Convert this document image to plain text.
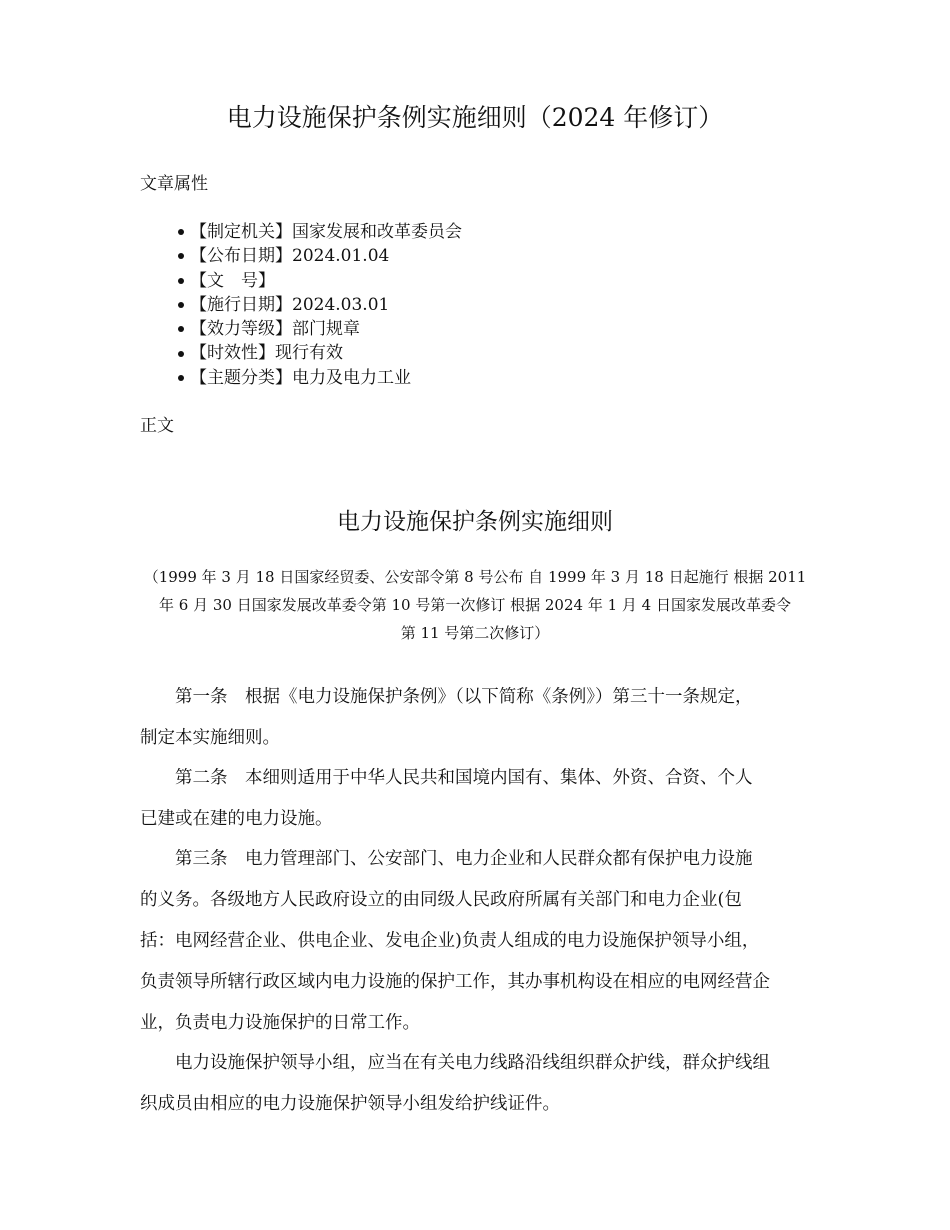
电力设施保护条例实施细则（2024 年修订）

文章属性

【制定机关】国家发展和改革委员会
【公布日期】2024.01.04
【文　号】
【施行日期】2024.03.01
【效力等级】部门规章
【时效性】现行有效
【主题分类】电力及电力工业

正文

电力设施保护条例实施细则

（1999 年 3 月 18 日国家经贸委、公安部令第 8 号公布 自 1999 年 3 月 18 日起施行 根据 2011
年 6 月 30 日国家发展改革委令第 10 号第一次修订 根据 2024 年 1 月 4 日国家发展改革委令
第 11 号第二次修订）

　　第一条　根据《电力设施保护条例》（以下简称《条例》）第三十一条规定，
制定本实施细则。

　　第二条　本细则适用于中华人民共和国境内国有、集体、外资、合资、个人
已建或在建的电力设施。

　　第三条　电力管理部门、公安部门、电力企业和人民群众都有保护电力设施
的义务。各级地方人民政府设立的由同级人民政府所属有关部门和电力企业(包
括：电网经营企业、供电企业、发电企业)负责人组成的电力设施保护领导小组，
负责领导所辖行政区域内电力设施的保护工作，其办事机构设在相应的电网经营企
业，负责电力设施保护的日常工作。

　　电力设施保护领导小组，应当在有关电力线路沿线组织群众护线，群众护线组
织成员由相应的电力设施保护领导小组发给护线证件。
